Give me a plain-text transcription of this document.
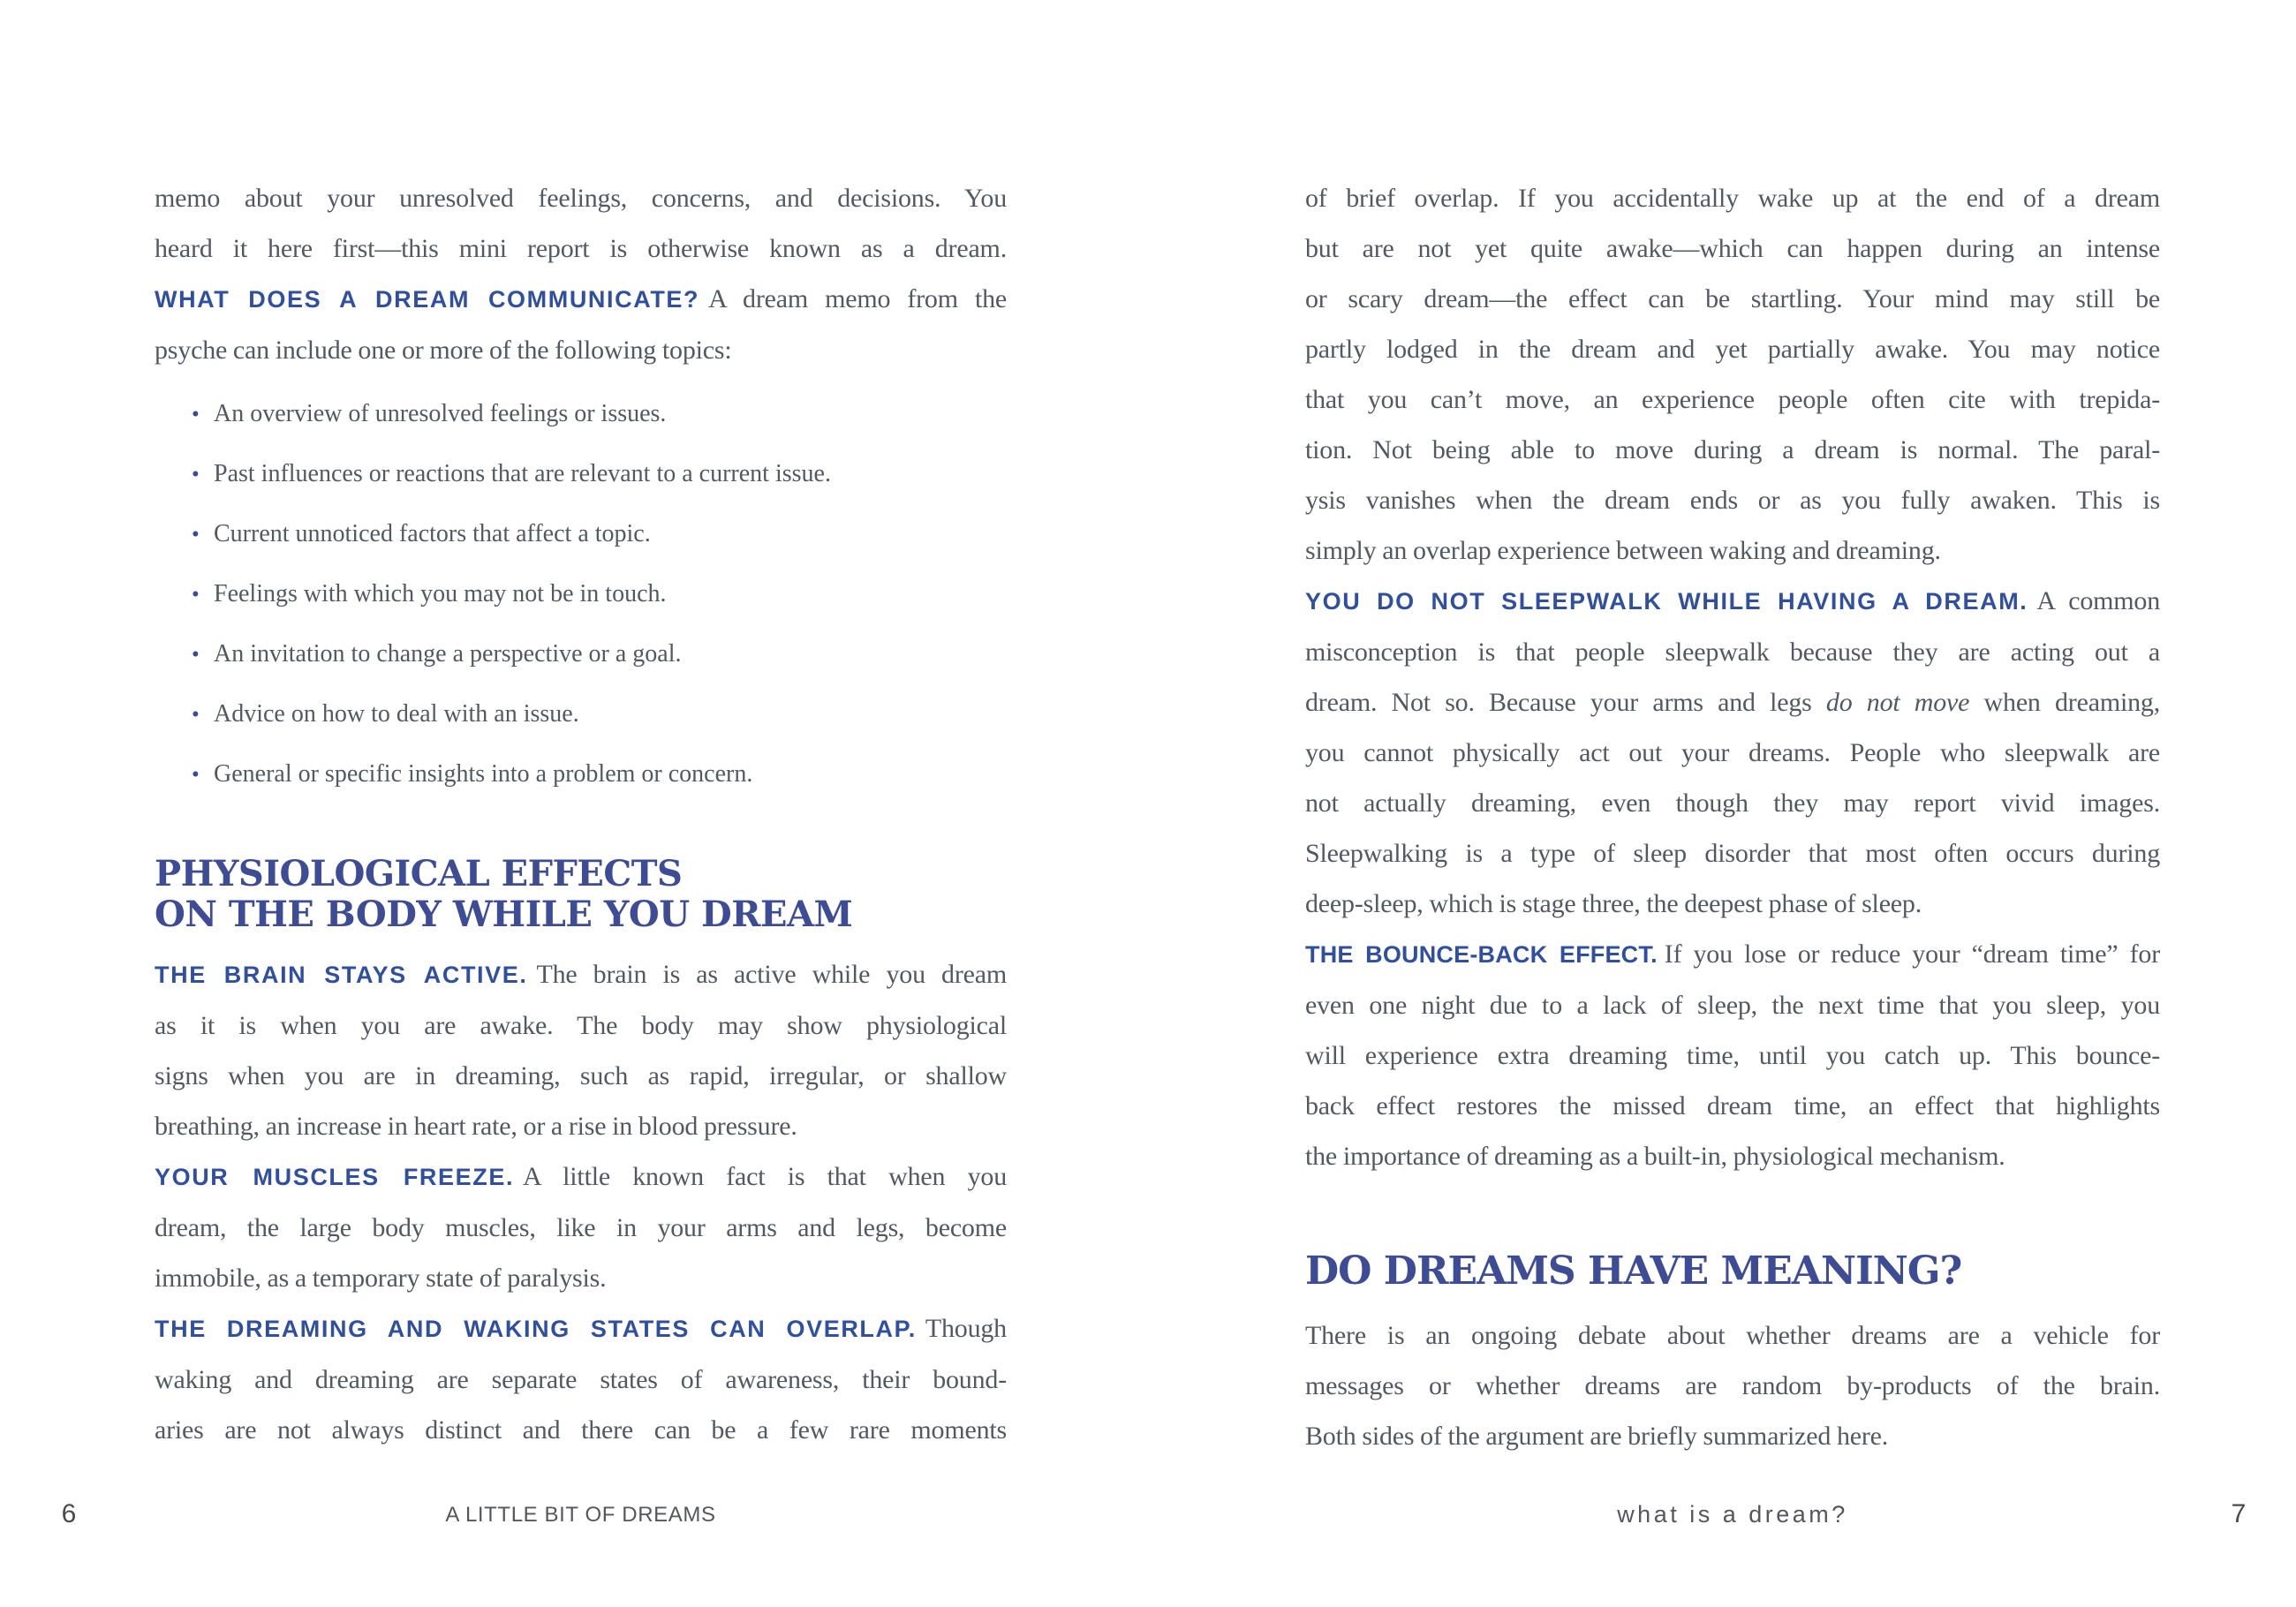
memo about your unresolved feelings, concerns, and decisions. You
heard it here first—this mini report is otherwise known as a dream.
WHAT DOES A DREAM COMMUNICATE? A dream memo from the
psyche can include one or more of the following topics:
• An overview of unresolved feelings or issues.
• Past influences or reactions that are relevant to a current issue.
• Current unnoticed factors that affect a topic.
• Feelings with which you may not be in touch.
• An invitation to change a perspective or a goal.
• Advice on how to deal with an issue.
• General or specific insights into a problem or concern.
PHYSIOLOGICAL EFFECTS
ON THE BODY WHILE YOU DREAM
THE BRAIN STAYS ACTIVE. The brain is as active while you dream
as it is when you are awake. The body may show physiological
signs when you are in dreaming, such as rapid, irregular, or shallow
breathing, an increase in heart rate, or a rise in blood pressure.
YOUR MUSCLES FREEZE. A little known fact is that when you
dream, the large body muscles, like in your arms and legs, become
immobile, as a temporary state of paralysis.
THE DREAMING AND WAKING STATES CAN OVERLAP. Though
waking and dreaming are separate states of awareness, their bound-
aries are not always distinct and there can be a few rare moments
of brief overlap. If you accidentally wake up at the end of a dream
but are not yet quite awake—which can happen during an intense
or scary dream—the effect can be startling. Your mind may still be
partly lodged in the dream and yet partially awake. You may notice
that you can’t move, an experience people often cite with trepida-
tion. Not being able to move during a dream is normal. The paral-
ysis vanishes when the dream ends or as you fully awaken. This is
simply an overlap experience between waking and dreaming.
YOU DO NOT SLEEPWALK WHILE HAVING A DREAM. A common
misconception is that people sleepwalk because they are acting out a
dream. Not so. Because your arms and legs do not move when dreaming,
you cannot physically act out your dreams. People who sleepwalk are
not actually dreaming, even though they may report vivid images.
Sleepwalking is a type of sleep disorder that most often occurs during
deep-sleep, which is stage three, the deepest phase of sleep.
THE BOUNCE-BACK EFFECT. If you lose or reduce your “dream time” for
even one night due to a lack of sleep, the next time that you sleep, you
will experience extra dreaming time, until you catch up. This bounce-
back effect restores the missed dream time, an effect that highlights
the importance of dreaming as a built-in, physiological mechanism.
DO DREAMS HAVE MEANING?
There is an ongoing debate about whether dreams are a vehicle for
messages or whether dreams are random by-products of the brain.
Both sides of the argument are briefly summarized here.
6	A LITTLE BIT OF DREAMS	what is a dream?	7
